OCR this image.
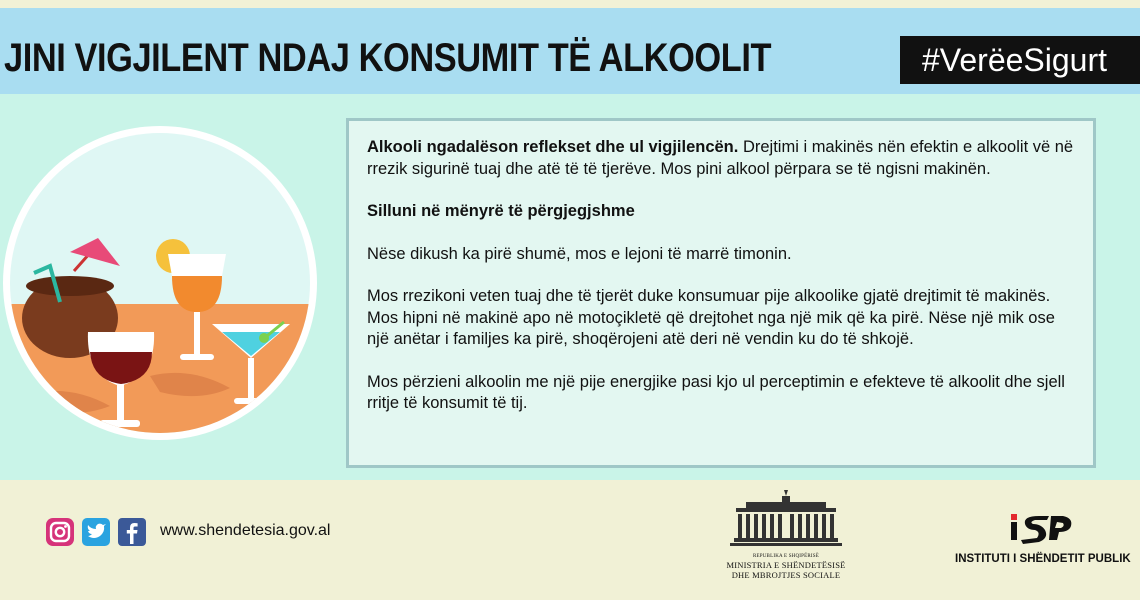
JINI VIGJILENT NDAJ KONSUMIT TË ALKOOLIT	#VerëeSigurt

Alkooli ngadalëson reflekset dhe ul vigjilencën. Drejtimi i makinës nën efektin e alkoolit vë në rrezik sigurinë tuaj dhe atë të të tjerëve. Mos pini alkool përpara se të ngisni makinën.

Silluni në mënyrë të përgjegjshme

Nëse dikush ka pirë shumë, mos e lejoni të marrë timonin.

Mos rrezikoni veten tuaj dhe të tjerët duke konsumuar pije alkoolike gjatë drejtimit të makinës. Mos hipni në makinë apo në motoçikletë që drejtohet nga një mik që ka pirë. Nëse një mik ose një anëtar i familjes ka pirë, shoqërojeni atë deri në vendin ku do të shkojë.

Mos përzieni alkoolin me një pije energjike pasi kjo ul perceptimin e efekteve të alkoolit dhe sjell rritje të konsumit të tij.

www.shendetesia.gov.al
REPUBLIKA E SHQIPËRISË
MINISTRIA E SHËNDETËSISË
DHE MBROJTJES SOCIALE
INSTITUTI I SHËNDETIT PUBLIK
